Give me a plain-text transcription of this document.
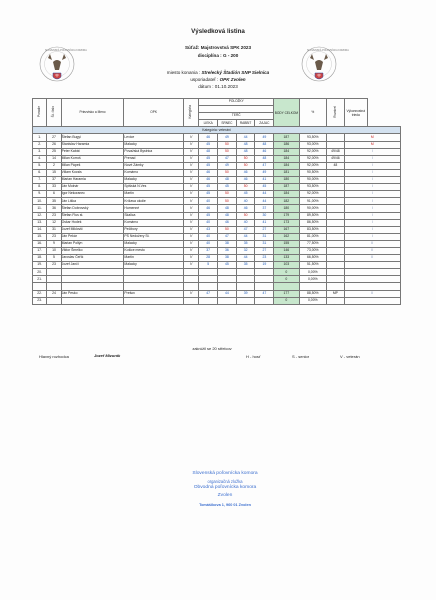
Výsledková listina
Súťaž: Majstrovstvá SPK 2023
disciplína : G - 200
miesto konania : Strelecký Štadión SNP Sielnica
usporiadateľ : OPK Zvolen
dátum : 01.10.2023
SLOVENSKÁ POĽOVNÍCKA KOMORA	SLOVENSKÁ POĽOVNÍCKA KOMORA
Poradie	Št. číslo	Priezvisko a Meno	OPK	Kategória	POLOŽKY				BODY CELKOM	%	Rozstrel	Výkonnostná trieda

					TERČ							
					LIEKA	SRNEC	RABBIT	ZAJAC				
Kategória: veteráni												
1.	27	Štefan Bugyi	Levice	V	46	49	44	49	187	93,50%		M
2.	26	Stanislav Haramia	Malacky	V	45	50	48	48	186	93,00%		M
3.	25	Peter Kabát	Považská Bystrica	V	48	50	48	46	184	92,00%	49/48	I
4.	14	Milan Korroš	Prenad	V	45	47	50	48	184	92,00%	49/46	I
5.	2	Milan Pápeš	Nové Zámky	V	45	49	50	47	184	92,00%	48	I
6.	15	Viliam Kocsis	Komárno	V	46	50	46	49	181	90,50%		I
7.	37	Marian Haramia	Malacky	V	46	48	46	41	180	90,00%		I
8.	33	Ján Molnár	Spišská N.Ves	V	45	45	50	45	187	93,50%		I
9.	6	Igor Nekoranec	Martin	V	45	50	45	44	184	92,00%		I
10.	35	Ján Liška	Krížava okolie	V	40	50	40	44	182	91,00%		I
11.	36	Štefan Dobrovský	Humenné	V	46	48	46	37	180	90,00%		I
12.	23	Štefan Flus st.	Skalica	V	45	48	50	30	179	89,50%		I
13.	12	Oskar Hodek	Komárno	V	40	46	40	41	173	86,50%		I
14.	31	Jozef Miklovič	Pečibory	V	43	50	47	27	167	83,50%		I
15.	23	Ján Pekár	PS Nedožery St.	V	40	47	44	31	162	81,00%		I
16.	9	Marian Poltýn	Malacky	V	40	38	35	31	155	77,50%		II
17.	10	Viktor Šmelko	Košice mesto	V	37	36	32	27	146	73,00%		II
18.	5	Jaroslav Čeřík	Martin	V	28	38	44	23	133	66,50%		II
19.	23	Jozef Janči	Malacky	V	5	45	35	19	103	51,50%		
20.									0	0,00%		
21.									0	0,00%		

22.	24	Ján Pesko	Prešov	V	47	44	39	47	177	88,50%	MP	II
23.									0	0,00%		
zakrúžil se 20 střelcov
Hlavný rozhodca	Jozef Mizurák	H - hosť	S - senior	V - veterán
Slovenská poľovnícka komora
organizačná zložka
Obvodná poľovnícka komora
Zvolen
Tomášikova 1, 960 01 Zvolen
